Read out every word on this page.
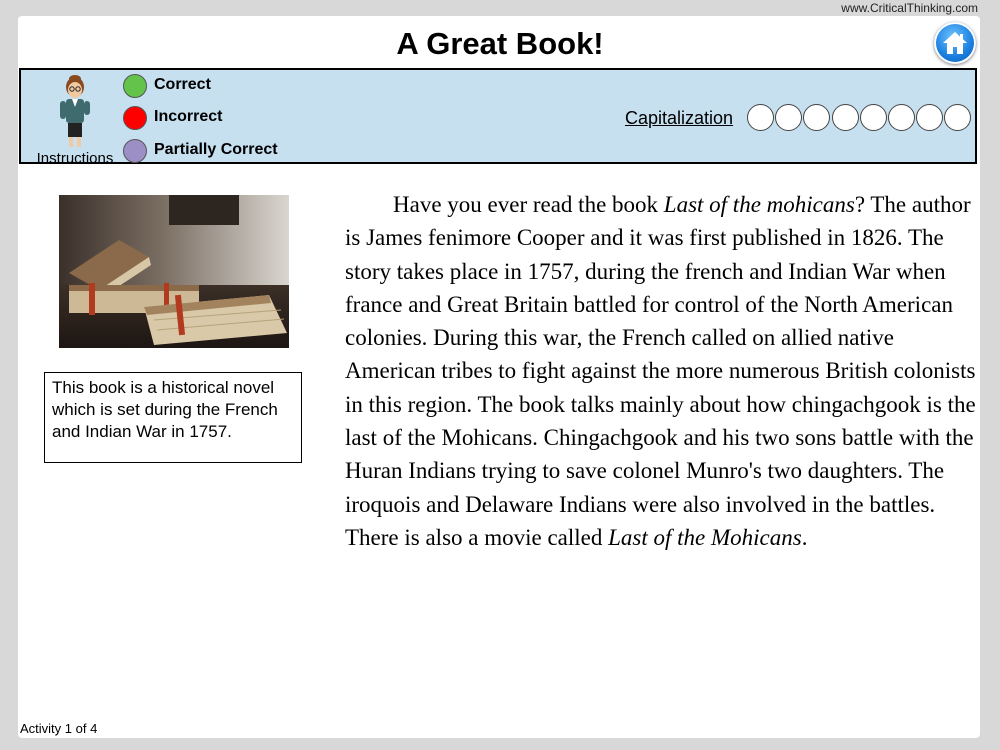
www.CriticalThinking.com
A Great Book!
Instructions
Correct
Incorrect
Partially Correct
Capitalization
This book is a historical novel which is set during the French and Indian War in 1757.

Have you ever read the book Last of the mohicans? The author is James fenimore Cooper and it was first published in 1826. The story takes place in 1757, during the french and Indian War when france and Great Britain battled for control of the North American colonies. During this war, the French called on allied native American tribes to fight against the more numerous British colonists in this region. The book talks mainly about how chingachgook is the last of the Mohicans. Chingachgook and his two sons battle with the Huran Indians trying to save colonel Munro's two daughters. The iroquois and Delaware Indians were also involved in the battles. There is also a movie called Last of the Mohicans.

Activity 1 of 4
